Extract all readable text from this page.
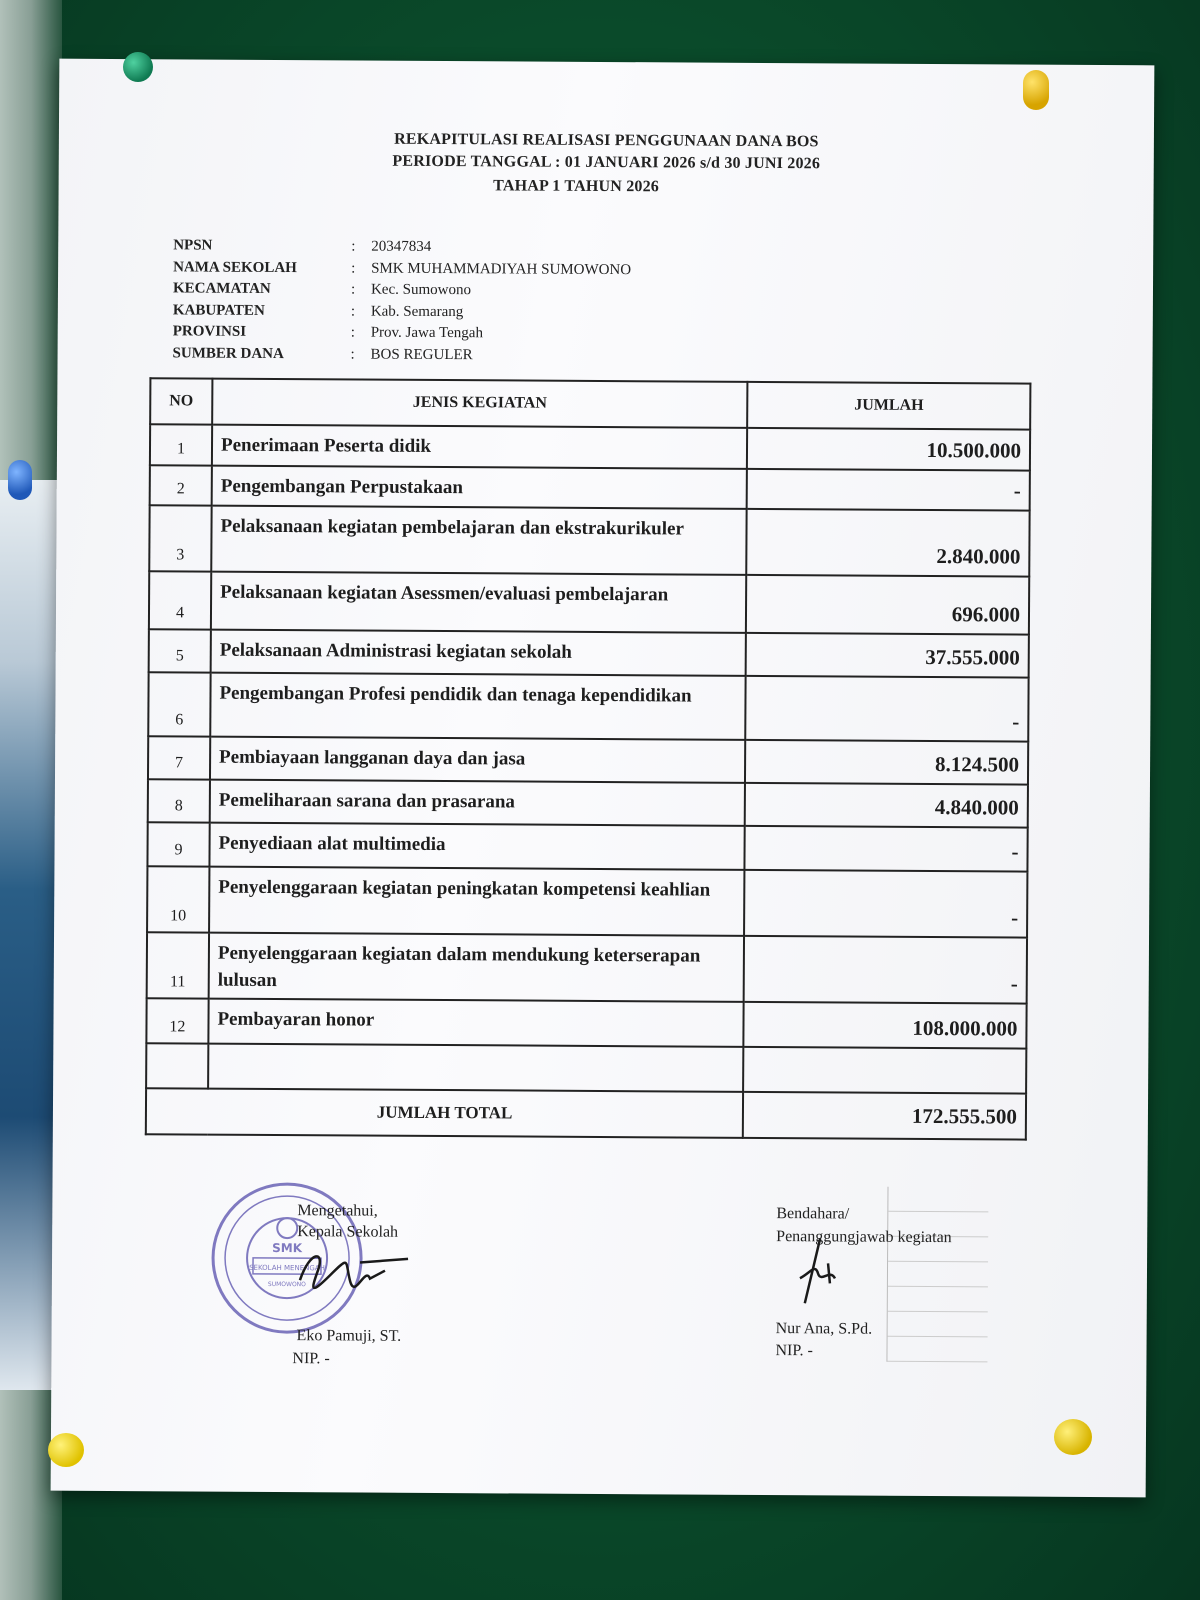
REKAPITULASI REALISASI PENGGUNAAN DANA BOS
PERIODE TANGGAL : 01 JANUARI 2026 s/d 30 JUNI 2026
TAHAP 1 TAHUN 2026
NPSN	:	20347834
NAMA SEKOLAH	:	SMK MUHAMMADIYAH SUMOWONO
KECAMATAN	:	Kec. Sumowono
KABUPATEN	:	Kab. Semarang
PROVINSI	:	Prov. Jawa Tengah
SUMBER DANA	:	BOS REGULER
NO	JENIS KEGIATAN	JUMLAH
1	Penerimaan Peserta didik	10.500.000
2	Pengembangan Perpustakaan	-
3	Pelaksanaan kegiatan pembelajaran dan ekstrakurikuler	2.840.000
4	Pelaksanaan kegiatan Asessmen/evaluasi pembelajaran	696.000
5	Pelaksanaan Administrasi kegiatan sekolah	37.555.000
6	Pengembangan Profesi pendidik dan tenaga kependidikan	-
7	Pembiayaan langganan daya dan jasa	8.124.500
8	Pemeliharaan sarana dan prasarana	4.840.000
9	Penyediaan alat multimedia	-
10	Penyelenggaraan kegiatan peningkatan kompetensi keahlian	-
11	Penyelenggaraan kegiatan dalam mendukung keterserapan lulusan	-
12	Pembayaran honor	108.000.000

JUMLAH TOTAL		172.555.500
SMK
SEKOLAH MENENGAH
SUMOWONO
Mengetahui,
Kepala Sekolah
Eko Pamuji, ST.
NIP. -
Bendahara/
Penanggungjawab kegiatan
Nur Ana, S.Pd.
NIP. -
